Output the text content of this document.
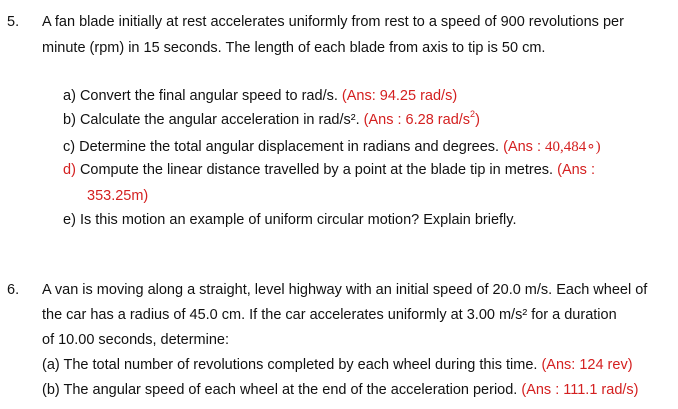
5. A fan blade initially at rest accelerates uniformly from rest to a speed of 900 revolutions per
minute (rpm) in 15 seconds. The length of each blade from axis to tip is 50 cm.
a) Convert the final angular speed to rad/s. (Ans: 94.25 rad/s)
b) Calculate the angular acceleration in rad/s². (Ans : 6.28 rad/$s^2$)
c) Determine the total angular displacement in radians and degrees. (Ans : 40,484∘)
d) Compute the linear distance travelled by a point at the blade tip in metres. (Ans :
353.25m)
e) Is this motion an example of uniform circular motion? Explain briefly.
6. A van is moving along a straight, level highway with an initial speed of 20.0 m/s. Each wheel of
the car has a radius of 45.0 cm. If the car accelerates uniformly at 3.00 m/s² for a duration
of 10.00 seconds, determine:
(a) The total number of revolutions completed by each wheel during this time. (Ans: 124 rev)
(b) The angular speed of each wheel at the end of the acceleration period. (Ans : 111.1 rad/s)
